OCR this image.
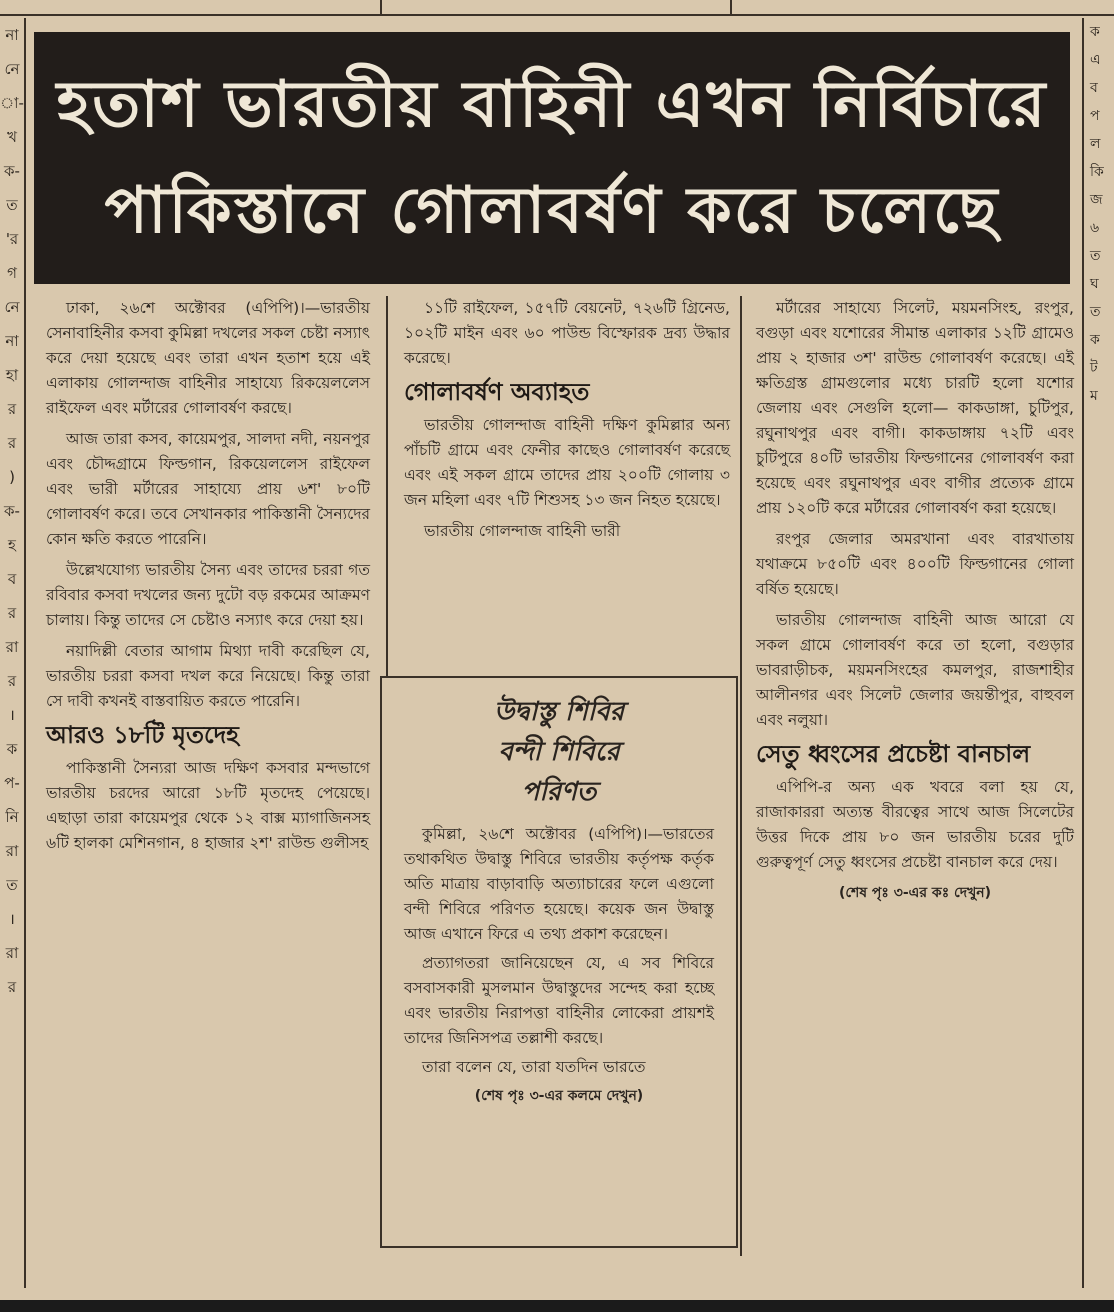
না
নে
া-
খ
ক-
ত
'র
গ
নে
না
হা
র
র
)
ক-
হ
ব
র
রা
র
।
ক
প-
নি
রা
ত
।
রা
র
ক
এ
ব
প
ল
কি
জ
৬
ত
ঘ
ত
ক
ট
ম
হতাশ ভারতীয় বাহিনী এখন নির্বিচারে
পাকিস্তানে গোলাবর্ষণ করে চলেছে

ঢাকা, ২৬শে অক্টোবর (এপিপি)।—ভারতীয় সেনাবাহিনীর কসবা কুমিল্লা দখলের সকল চেষ্টা নস্যাৎ করে দেয়া হয়েছে এবং তারা এখন হতাশ হয়ে এই এলাকায় গোলন্দাজ বাহিনীর সাহায্যে রিকয়েললেস রাইফেল এবং মর্টারের গোলাবর্ষণ করছে।

আজ তারা কসব, কায়েমপুর, সালদা নদী, নয়নপুর এবং চৌদ্দগ্রামে ফিল্ডগান, রিকয়েললেস রাইফেল এবং ভারী মর্টারের সাহায্যে প্রায় ৬শ' ৮০টি গোলাবর্ষণ করে। তবে সেখানকার পাকিস্তানী সৈন্যদের কোন ক্ষতি করতে পারেনি।

উল্লেখযোগ্য ভারতীয় সৈন্য এবং তাদের চররা গত রবিবার কসবা দখলের জন্য দুটো বড় রকমের আক্রমণ চালায়। কিন্তু তাদের সে চেষ্টাও নস্যাৎ করে দেয়া হয়।

নয়াদিল্লী বেতার আগাম মিথ্যা দাবী করেছিল যে, ভারতীয় চররা কসবা দখল করে নিয়েছে। কিন্তু তারা সে দাবী কখনই বাস্তবায়িত করতে পারেনি।

আরও ১৮টি মৃতদেহ

পাকিস্তানী সৈন্যরা আজ দক্ষিণ কসবার মন্দভাগে ভারতীয় চরদের আরো ১৮টি মৃতদেহ পেয়েছে। এছাড়া তারা কায়েমপুর থেকে ১২ বাক্স ম্যাগাজিনসহ ৬টি হালকা মেশিনগান, ৪ হাজার ২শ' রাউন্ড গুলীসহ

১১টি রাইফেল, ১৫৭টি বেয়নেট, ৭২৬টি গ্রিনেড, ১০২টি মাইন এবং ৬০ পাউন্ড বিস্ফোরক দ্রব্য উদ্ধার করেছে।

গোলাবর্ষণ অব্যাহত

ভারতীয় গোলন্দাজ বাহিনী দক্ষিণ কুমিল্লার অন্য পাঁচটি গ্রামে এবং ফেনীর কাছেও গোলাবর্ষণ করেছে এবং এই সকল গ্রামে তাদের প্রায় ২০০টি গোলায় ৩ জন মহিলা এবং ৭টি শিশুসহ ১৩ জন নিহত হয়েছে।

ভারতীয় গোলন্দাজ বাহিনী ভারী

উদ্বাস্তু শিবির
বন্দী শিবিরে
পরিণত

কুমিল্লা, ২৬শে অক্টোবর (এপিপি)।—ভারতের তথাকথিত উদ্বাস্তু শিবিরে ভারতীয় কর্তৃপক্ষ কর্তৃক অতি মাত্রায় বাড়াবাড়ি অত্যাচারের ফলে এগুলো বন্দী শিবিরে পরিণত হয়েছে। কয়েক জন উদ্বাস্তু আজ এখানে ফিরে এ তথ্য প্রকাশ করেছেন।

প্রত্যাগতরা জানিয়েছেন যে, এ সব শিবিরে বসবাসকারী মুসলমান উদ্বাস্তুদের সন্দেহ করা হচ্ছে এবং ভারতীয় নিরাপত্তা বাহিনীর লোকেরা প্রায়শই তাদের জিনিসপত্র তল্লাশী করছে।

তারা বলেন যে, তারা যতদিন ভারতে

(শেষ পৃঃ ৩-এর কলমে দেখুন)

মর্টারের সাহায্যে সিলেট, ময়মনসিংহ, রংপুর, বগুড়া এবং যশোরের সীমান্ত এলাকার ১২টি গ্রামেও প্রায় ২ হাজার ৩শ' রাউন্ড গোলাবর্ষণ করেছে। এই ক্ষতিগ্রস্ত গ্রামগুলোর মধ্যে চারটি হলো যশোর জেলায় এবং সেগুলি হলো— কাকডাঙ্গা, চুটিপুর, রঘুনাথপুর এবং বাগী। কাকডাঙ্গায় ৭২টি এবং চুটিপুরে ৪০টি ভারতীয় ফিল্ডগানের গোলাবর্ষণ করা হয়েছে এবং রঘুনাথপুর এবং বাগীর প্রত্যেক গ্রামে প্রায় ১২০টি করে মর্টারের গোলাবর্ষণ করা হয়েছে।

রংপুর জেলার অমরখানা এবং বারখাতায় যথাক্রমে ৮৫০টি এবং ৪০০টি ফিল্ডগানের গোলা বর্ষিত হয়েছে।

ভারতীয় গোলন্দাজ বাহিনী আজ আরো যে সকল গ্রামে গোলাবর্ষণ করে তা হলো, বগুড়ার ভাবরাড়ীচক, ময়মনসিংহের কমলপুর, রাজশাহীর আলীনগর এবং সিলেট জেলার জয়ন্তীপুর, বাহুবল এবং নলুয়া।

সেতু ধ্বংসের প্রচেষ্টা বানচাল

এপিপি-র অন্য এক খবরে বলা হয় যে, রাজাকাররা অত্যন্ত বীরত্বের সাথে আজ সিলেটের উত্তর দিকে প্রায় ৮০ জন ভারতীয় চরের দুটি গুরুত্বপূর্ণ সেতু ধ্বংসের প্রচেষ্টা বানচাল করে দেয়।

(শেষ পৃঃ ৩-এর কঃ দেখুন)
